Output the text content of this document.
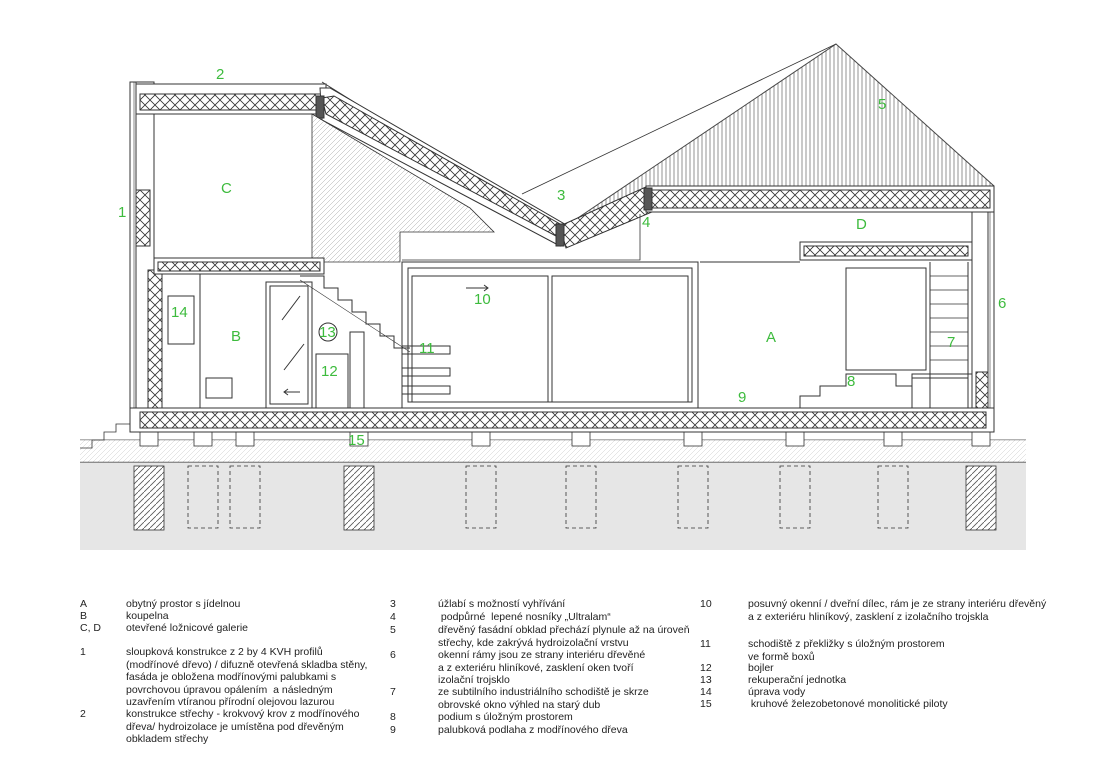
2
5
3
4
C
1
D
6
10
14
B	13	A	7
11
12
8
9
15
A	obytný prostor s jídelnou
B	koupelna
C, D otevřené ložnicové galerie
1	sloupková konstrukce z 2 by 4 KVH profilů
(modřínové dřevo) / difuzně otevřená skladba stěny,
fasáda je obložena modřínovými palubkami s
povrchovou úpravou opálením  a následným
uzavřením vtíranou přírodní olejovou lazurou
2	konstrukce střechy - krokvový krov z modřínového
dřeva/ hydroizolace je umístěna pod dřevěným
obkladem střechy
3	úžlabí s možností vyhřívání
4	podpůrné  lepené nosníky „Ultralam“
5	dřevěný fasádní obklad přechází plynule až na úroveň
střechy, kde zakrývá hydroizolační vrstvu
6	okenní rámy jsou ze strany interiéru dřevěné
a z exteriéru hliníkové, zasklení oken tvoří
izolační trojsklo
7	ze subtilního industriálního schodiště je skrze
obrovské okno výhled na starý dub
8	podium s úložným prostorem
9	palubková podlaha z modřínového dřeva
10	posuvný okenní / dveřní dílec, rám je ze strany interiéru dřevěný
a z exteriéru hliníkový, zasklení z izolačního trojskla
11	schodiště z překližky s úložným prostorem
ve formě boxů
12	bojler
13	rekuperační jednotka
14	úprava vody
15	kruhové železobetonové monolitické piloty
